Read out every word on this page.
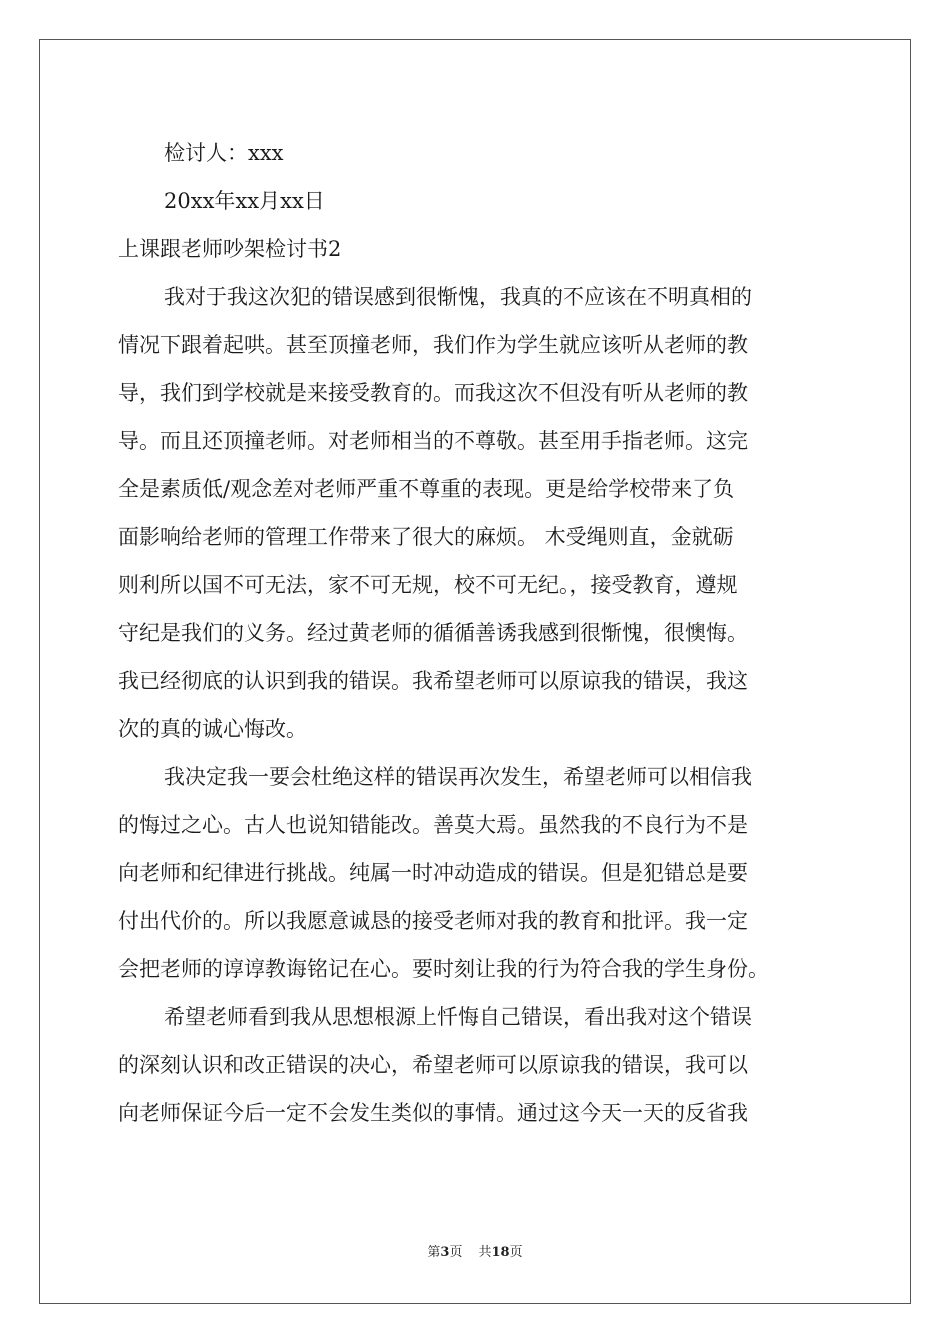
检讨人：xxx
20xx年xx月xx日
上课跟老师吵架检讨书2
我对于我这次犯的错误感到很惭愧，我真的不应该在不明真相的
情况下跟着起哄。甚至顶撞老师，我们作为学生就应该听从老师的教
导，我们到学校就是来接受教育的。而我这次不但没有听从老师的教
导。而且还顶撞老师。对老师相当的不尊敬。甚至用手指老师。这完
全是素质低/观念差对老师严重不尊重的表现。更是给学校带来了负
面影响给老师的管理工作带来了很大的麻烦。 木受绳则直，金就砺
则利所以国不可无法，家不可无规，校不可无纪。，接受教育，遵规
守纪是我们的义务。经过黄老师的循循善诱我感到很惭愧，很懊悔。
我已经彻底的认识到我的错误。我希望老师可以原谅我的错误，我这
次的真的诚心悔改。
我决定我一要会杜绝这样的错误再次发生，希望老师可以相信我
的悔过之心。古人也说知错能改。善莫大焉。虽然我的不良行为不是
向老师和纪律进行挑战。纯属一时冲动造成的错误。但是犯错总是要
付出代价的。所以我愿意诚恳的接受老师对我的教育和批评。我一定
会把老师的谆谆教诲铭记在心。要时刻让我的行为符合我的学生身份。
希望老师看到我从思想根源上忏悔自己错误，看出我对这个错误
的深刻认识和改正错误的决心，希望老师可以原谅我的错误，我可以
向老师保证今后一定不会发生类似的事情。通过这今天一天的反省我
第3页 共18页
